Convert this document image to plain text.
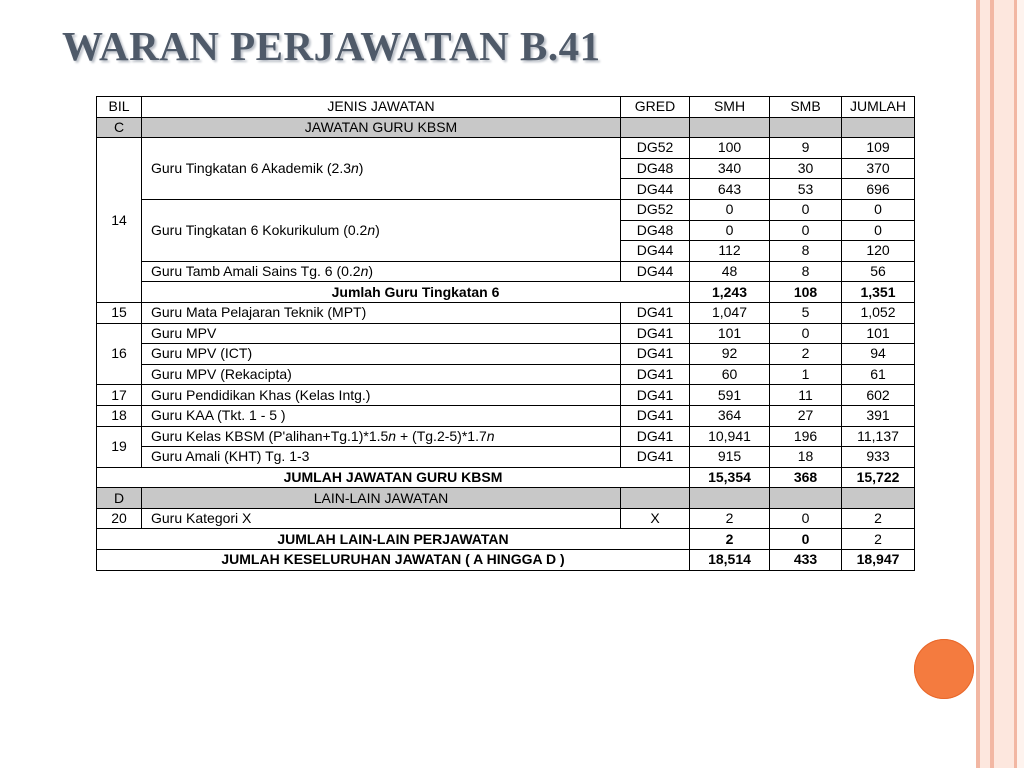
WARAN PERJAWATAN B.41
BIL	JENIS JAWATAN	GRED	SMH	SMB	JUMLAH
C	JAWATAN GURU KBSM				
14	Guru Tingkatan 6 Akademik (2.3n)	DG52	100	9	109
		DG48	340	30	370
		DG44	643	53	696
	Guru Tingkatan 6 Kokurikulum (0.2n)	DG52	0	0	0
		DG48	0	0	0
		DG44	112	8	120
	Guru Tamb Amali Sains Tg. 6 (0.2n)	DG44	48	8	56
	Jumlah Guru Tingkatan 6		1,243	108	1,351
15	Guru Mata Pelajaran Teknik (MPT)	DG41	1,047	5	1,052
16	Guru MPV	DG41	101	0	101
	Guru MPV (ICT)	DG41	92	2	94
	Guru MPV (Rekacipta)	DG41	60	1	61
17	Guru Pendidikan Khas (Kelas Intg.)	DG41	591	11	602
18	Guru KAA (Tkt. 1 - 5 )	DG41	364	27	391
19	Guru Kelas KBSM (P'alihan+Tg.1)*1.5n + (Tg.2-5)*1.7n	DG41	10,941	196	11,137
	Guru Amali (KHT) Tg. 1-3	DG41	915	18	933
JUMLAH JAWATAN GURU KBSM			15,354	368	15,722
D	LAIN-LAIN JAWATAN				
20	Guru Kategori X	X	2	0	2
JUMLAH LAIN-LAIN PERJAWATAN			2	0	2
JUMLAH KESELURUHAN JAWATAN ( A HINGGA D )			18,514	433	18,947
